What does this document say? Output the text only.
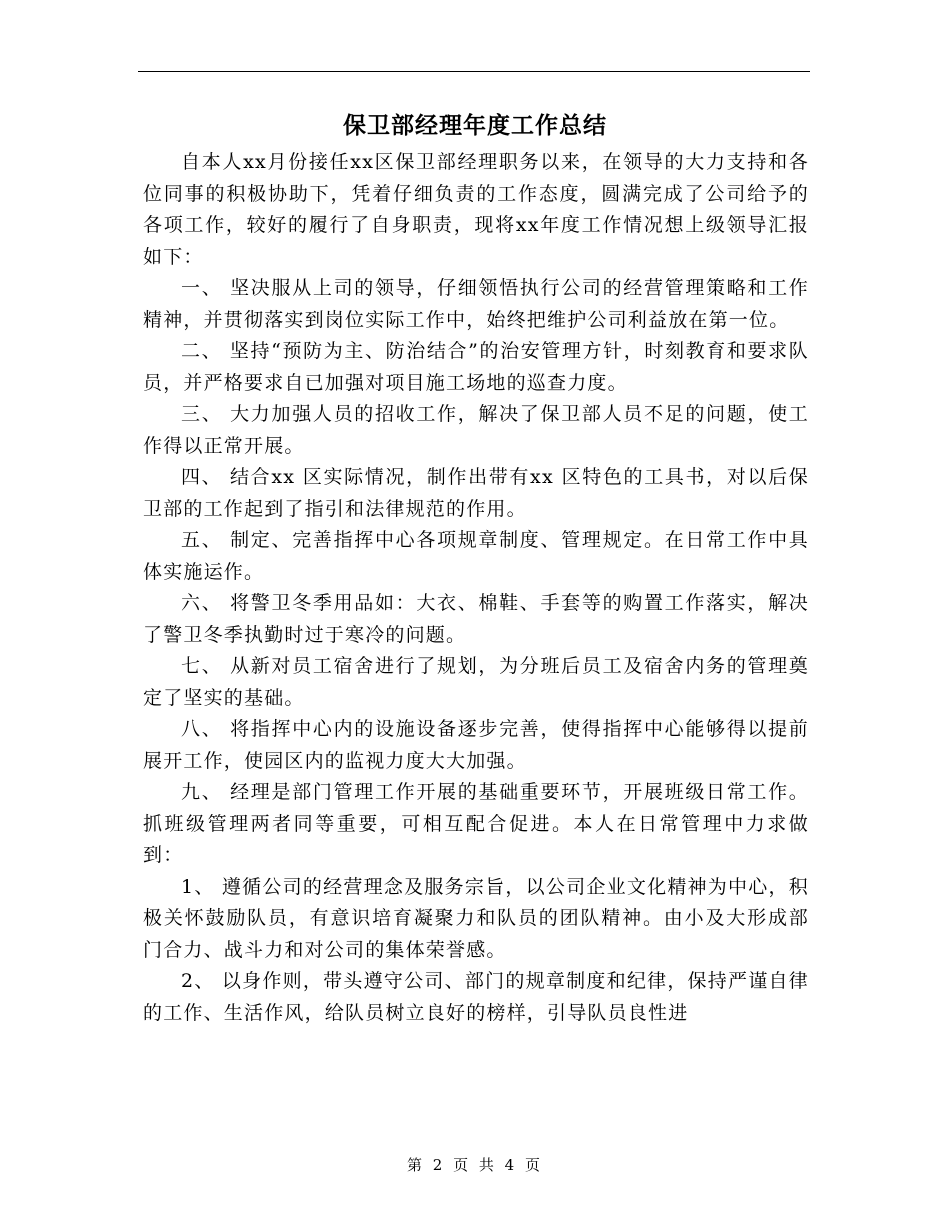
保卫部经理年度工作总结

自本人xx月份接任xx区保卫部经理职务以来，在领导的大力支持和各位同事的积极协助下，凭着仔细负责的工作态度，圆满完成了公司给予的各项工作，较好的履行了自身职责，现将xx年度工作情况想上级领导汇报如下：

一、 坚决服从上司的领导，仔细领悟执行公司的经营管理策略和工作精神，并贯彻落实到岗位实际工作中，始终把维护公司利益放在第一位。

二、 坚持“预防为主、防治结合”的治安管理方针，时刻教育和要求队员，并严格要求自已加强对项目施工场地的巡查力度。

三、 大力加强人员的招收工作，解决了保卫部人员不足的问题，使工作得以正常开展。

四、 结合xx 区实际情况，制作出带有xx 区特色的工具书，对以后保卫部的工作起到了指引和法律规范的作用。

五、 制定、完善指挥中心各项规章制度、管理规定。在日常工作中具体实施运作。

六、 将警卫冬季用品如：大衣、棉鞋、手套等的购置工作落实，解决了警卫冬季执勤时过于寒冷的问题。

七、 从新对员工宿舍进行了规划，为分班后员工及宿舍内务的管理奠定了坚实的基础。

八、 将指挥中心内的设施设备逐步完善，使得指挥中心能够得以提前展开工作，使园区内的监视力度大大加强。

九、 经理是部门管理工作开展的基础重要环节，开展班级日常工作。抓班级管理两者同等重要，可相互配合促进。本人在日常管理中力求做到：

1、 遵循公司的经营理念及服务宗旨，以公司企业文化精神为中心，积极关怀鼓励队员，有意识培育凝聚力和队员的团队精神。由小及大形成部门合力、战斗力和对公司的集体荣誉感。

2、 以身作则，带头遵守公司、部门的规章制度和纪律，保持严谨自律的工作、生活作风，给队员树立良好的榜样，引导队员良性进

第 2 页 共 4 页
